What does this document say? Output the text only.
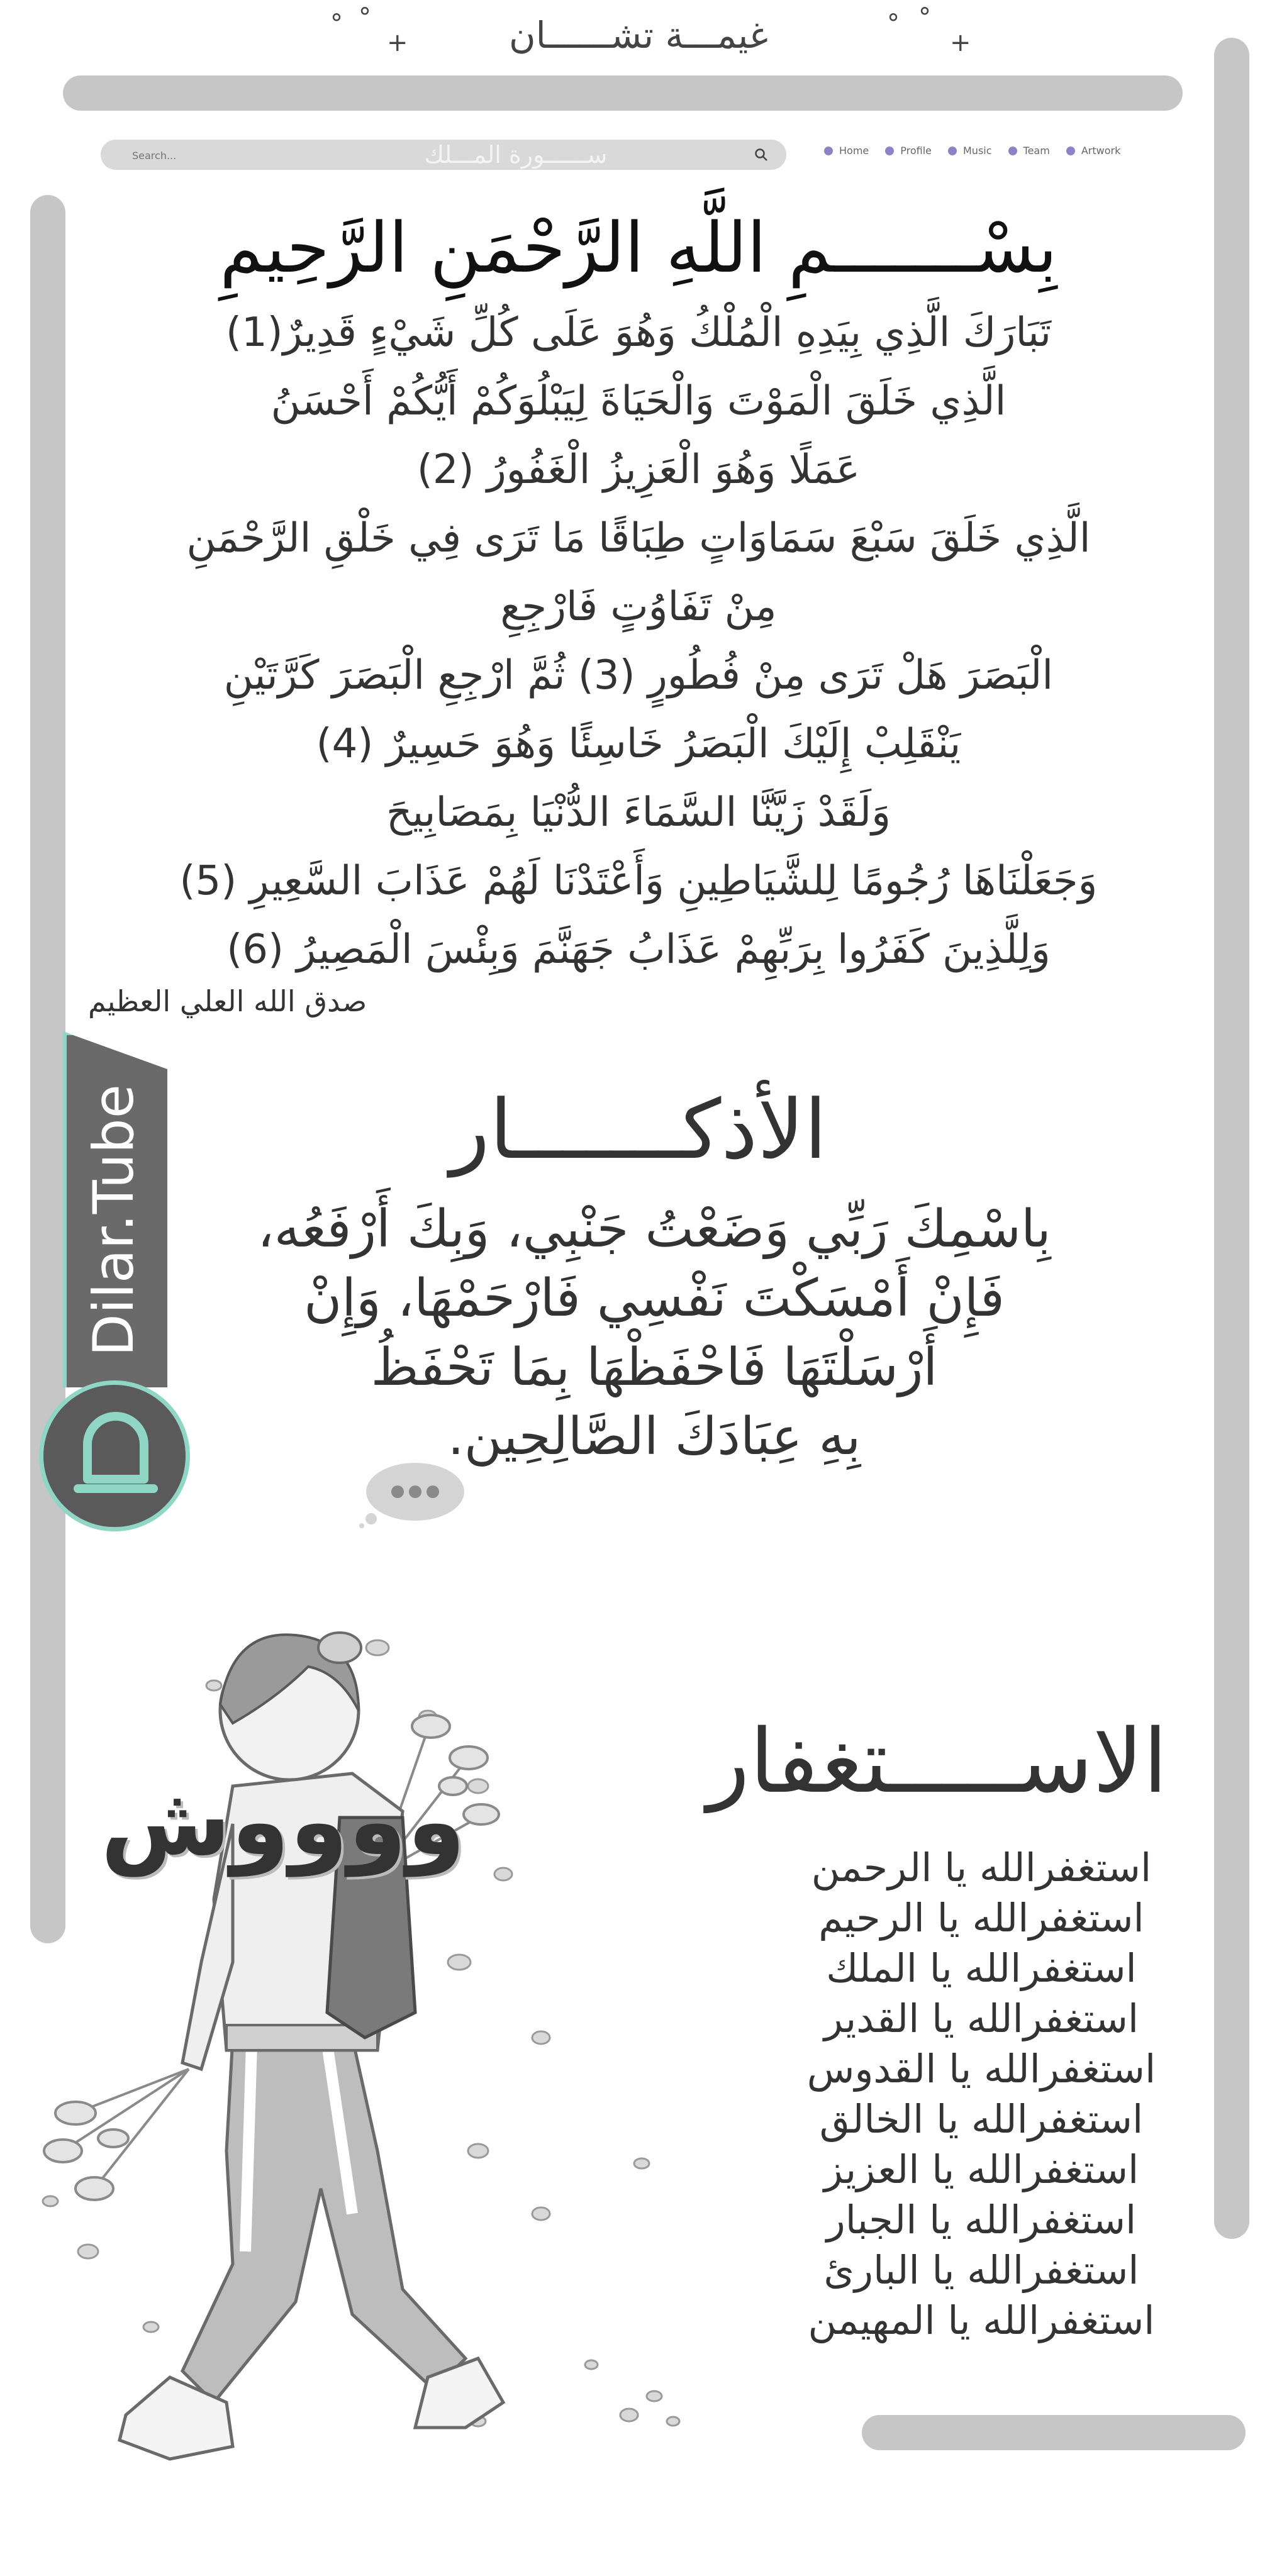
° °
+
° °
+
غيمـــة تشــــــان
Search...
ســــــورة المـــلك	Home	Profile	Music	Team	Artwork
بِسْـــــــمِ اللَّهِ الرَّحْمَنِ الرَّحِيمِ
تَبَارَكَ الَّذِي بِيَدِهِ الْمُلْكُ وَهُوَ عَلَى كُلِّ شَيْءٍ قَدِيرٌ(1)
الَّذِي خَلَقَ الْمَوْتَ وَالْحَيَاةَ لِيَبْلُوَكُمْ أَيُّكُمْ أَحْسَنُ
عَمَلًا وَهُوَ الْعَزِيزُ الْغَفُورُ (2)
الَّذِي خَلَقَ سَبْعَ سَمَاوَاتٍ طِبَاقًا مَا تَرَى فِي خَلْقِ الرَّحْمَنِ
مِنْ تَفَاوُتٍ فَارْجِعِ
الْبَصَرَ هَلْ تَرَى مِنْ فُطُورٍ (3) ثُمَّ ارْجِعِ الْبَصَرَ كَرَّتَيْنِ
يَنْقَلِبْ إِلَيْكَ الْبَصَرُ خَاسِئًا وَهُوَ حَسِيرٌ (4)
وَلَقَدْ زَيَّنَّا السَّمَاءَ الدُّنْيَا بِمَصَابِيحَ
وَجَعَلْنَاهَا رُجُومًا لِلشَّيَاطِينِ وَأَعْتَدْنَا لَهُمْ عَذَابَ السَّعِيرِ (5)
وَلِلَّذِينَ كَفَرُوا بِرَبِّهِمْ عَذَابُ جَهَنَّمَ وَبِئْسَ الْمَصِيرُ (6)
صدق الله العلي العظيم
Dilar.Tube	الأذكـــــــار
بِاسْمِكَ رَبِّي وَضَعْتُ جَنْبِي، وَبِكَ أَرْفَعُه،
فَإِنْ أَمْسَكْتَ نَفْسِي فَارْحَمْهَا، وَإِنْ
أَرْسَلْتَهَا فَاحْفَظْهَا بِمَا تَحْفَظُ
بِهِ عِبَادَكَ الصَّالِحِين.
ووووش
الاســـــتغفار
استغفرالله يا الرحمن
استغفرالله يا الرحيم
استغفرالله يا الملك
استغفرالله يا القدير
استغفرالله يا القدوس
استغفرالله يا الخالق
استغفرالله يا العزيز
استغفرالله يا الجبار
استغفرالله يا البارئ
استغفرالله يا المهيمن
